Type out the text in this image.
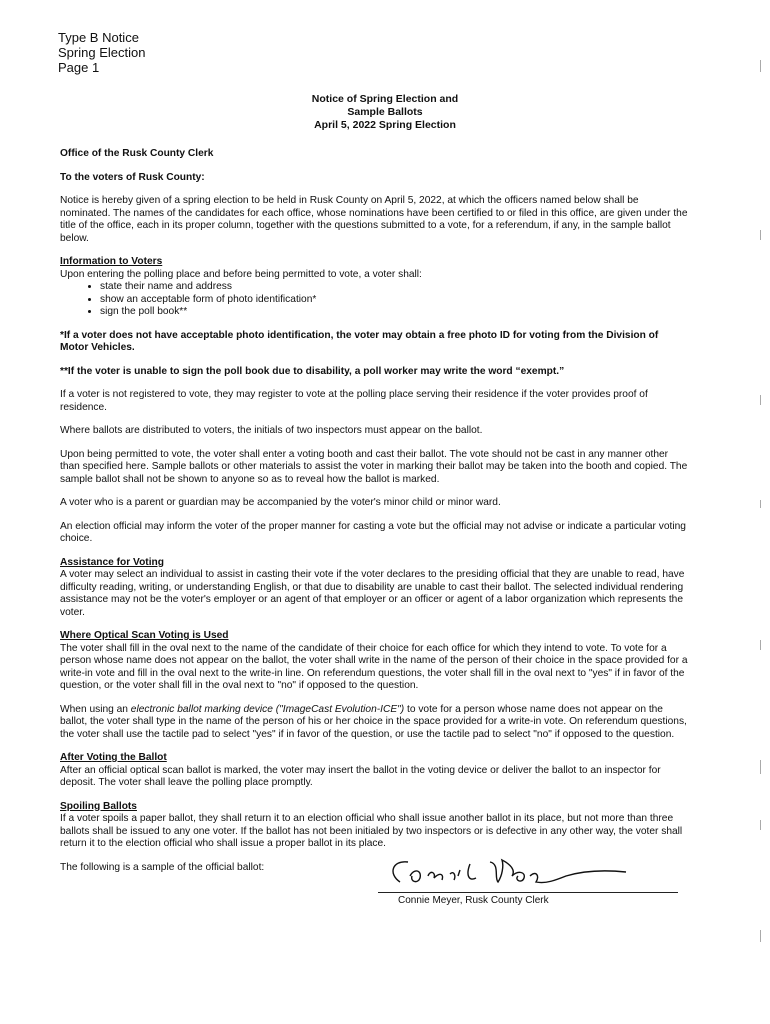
Type B Notice
Spring Election
Page 1
Notice of Spring Election and
Sample Ballots
April 5, 2022 Spring Election

Office of the Rusk County Clerk

To the voters of Rusk County:

Notice is hereby given of a spring election to be held in Rusk County on April 5, 2022, at which the officers named below shall be nominated. The names of the candidates for each office, whose nominations have been certified to or filed in this office, are given under the title of the office, each in its proper column, together with the questions submitted to a vote, for a referendum, if any, in the sample ballot below.

Information to Voters
Upon entering the polling place and before being permitted to vote, a voter shall:
• state their name and address
• show an acceptable form of photo identification*
• sign the poll book**

*If a voter does not have acceptable photo identification, the voter may obtain a free photo ID for voting from the Division of Motor Vehicles.

**If the voter is unable to sign the poll book due to disability, a poll worker may write the word “exempt.”

If a voter is not registered to vote, they may register to vote at the polling place serving their residence if the voter provides proof of residence.

Where ballots are distributed to voters, the initials of two inspectors must appear on the ballot.

Upon being permitted to vote, the voter shall enter a voting booth and cast their ballot. The vote should not be cast in any manner other than specified here. Sample ballots or other materials to assist the voter in marking their ballot may be taken into the booth and copied. The sample ballot shall not be shown to anyone so as to reveal how the ballot is marked.

A voter who is a parent or guardian may be accompanied by the voter's minor child or minor ward.

An election official may inform the voter of the proper manner for casting a vote but the official may not advise or indicate a particular voting choice.

Assistance for Voting

A voter may select an individual to assist in casting their vote if the voter declares to the presiding official that they are unable to read, have difficulty reading, writing, or understanding English, or that due to disability are unable to cast their ballot. The selected individual rendering assistance may not be the voter's employer or an agent of that employer or an officer or agent of a labor organization which represents the voter.

Where Optical Scan Voting is Used

The voter shall fill in the oval next to the name of the candidate of their choice for each office for which they intend to vote. To vote for a person whose name does not appear on the ballot, the voter shall write in the name of the person of their choice in the space provided for a write-in vote and fill in the oval next to the write-in line. On referendum questions, the voter shall fill in the oval next to "yes" if in favor of the question, or the voter shall fill in the oval next to "no" if opposed to the question.

When using an electronic ballot marking device ("ImageCast Evolution-ICE") to vote for a person whose name does not appear on the ballot, the voter shall type in the name of the person of his or her choice in the space provided for a write-in vote. On referendum questions, the voter shall use the tactile pad to select "yes" if in favor of the question, or use the tactile pad to select "no" if opposed to the question.

After Voting the Ballot

After an official optical scan ballot is marked, the voter may insert the ballot in the voting device or deliver the ballot to an inspector for deposit. The voter shall leave the polling place promptly.

Spoiling Ballots

If a voter spoils a paper ballot, they shall return it to an election official who shall issue another ballot in its place, but not more than three ballots shall be issued to any one voter. If the ballot has not been initialed by two inspectors or is defective in any other way, the voter shall return it to the election official who shall issue a proper ballot in its place.

The following is a sample of the official ballot:
Connie Meyer, Rusk County Clerk
